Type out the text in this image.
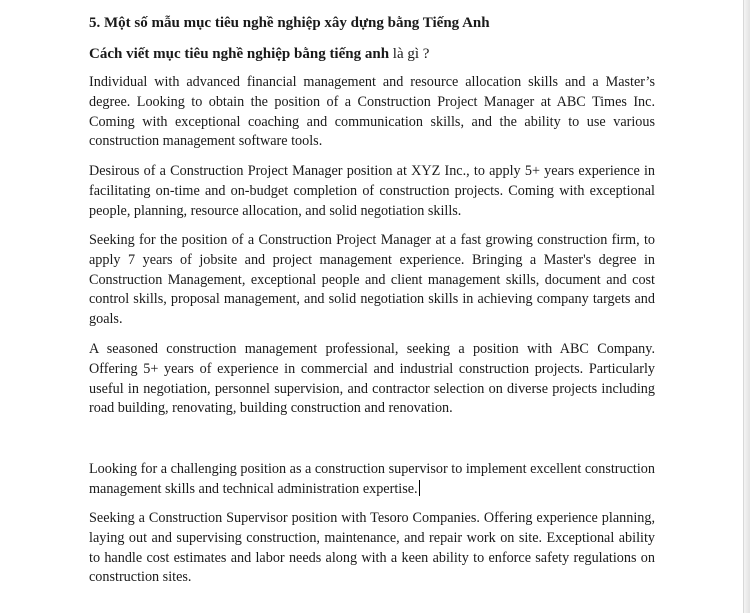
5. Một số mẫu mục tiêu nghề nghiệp xây dựng bằng Tiếng Anh

Cách viết mục tiêu nghề nghiệp bằng tiếng anh là gì ?

Individual with advanced financial management and resource allocation skills and a Master’s degree. Looking to obtain the position of a Construction Project Manager at ABC Times Inc. Coming with exceptional coaching and communication skills, and the ability to use various construction management software tools.

Desirous of a Construction Project Manager position at XYZ Inc., to apply 5+ years experience in facilitating on-time and on-budget completion of construction projects. Coming with exceptional people, planning, resource allocation, and solid negotiation skills.

Seeking for the position of a Construction Project Manager at a fast growing construction firm, to apply 7 years of jobsite and project management experience. Bringing a Master's degree in Construction Management, exceptional people and client management skills, document and cost control skills, proposal management, and solid negotiation skills in achieving company targets and goals.

A seasoned construction management professional, seeking a position with ABC Company. Offering 5+ years of experience in commercial and industrial construction projects. Particularly useful in negotiation, personnel supervision, and contractor selection on diverse projects including road building, renovating, building construction and renovation.

Looking for a challenging position as a construction supervisor to implement excellent construction management skills and technical administration expertise.

Seeking a Construction Supervisor position with Tesoro Companies. Offering experience planning, laying out and supervising construction, maintenance, and repair work on site. Exceptional ability to handle cost estimates and labor needs along with a keen ability to enforce safety regulations on construction sites.
